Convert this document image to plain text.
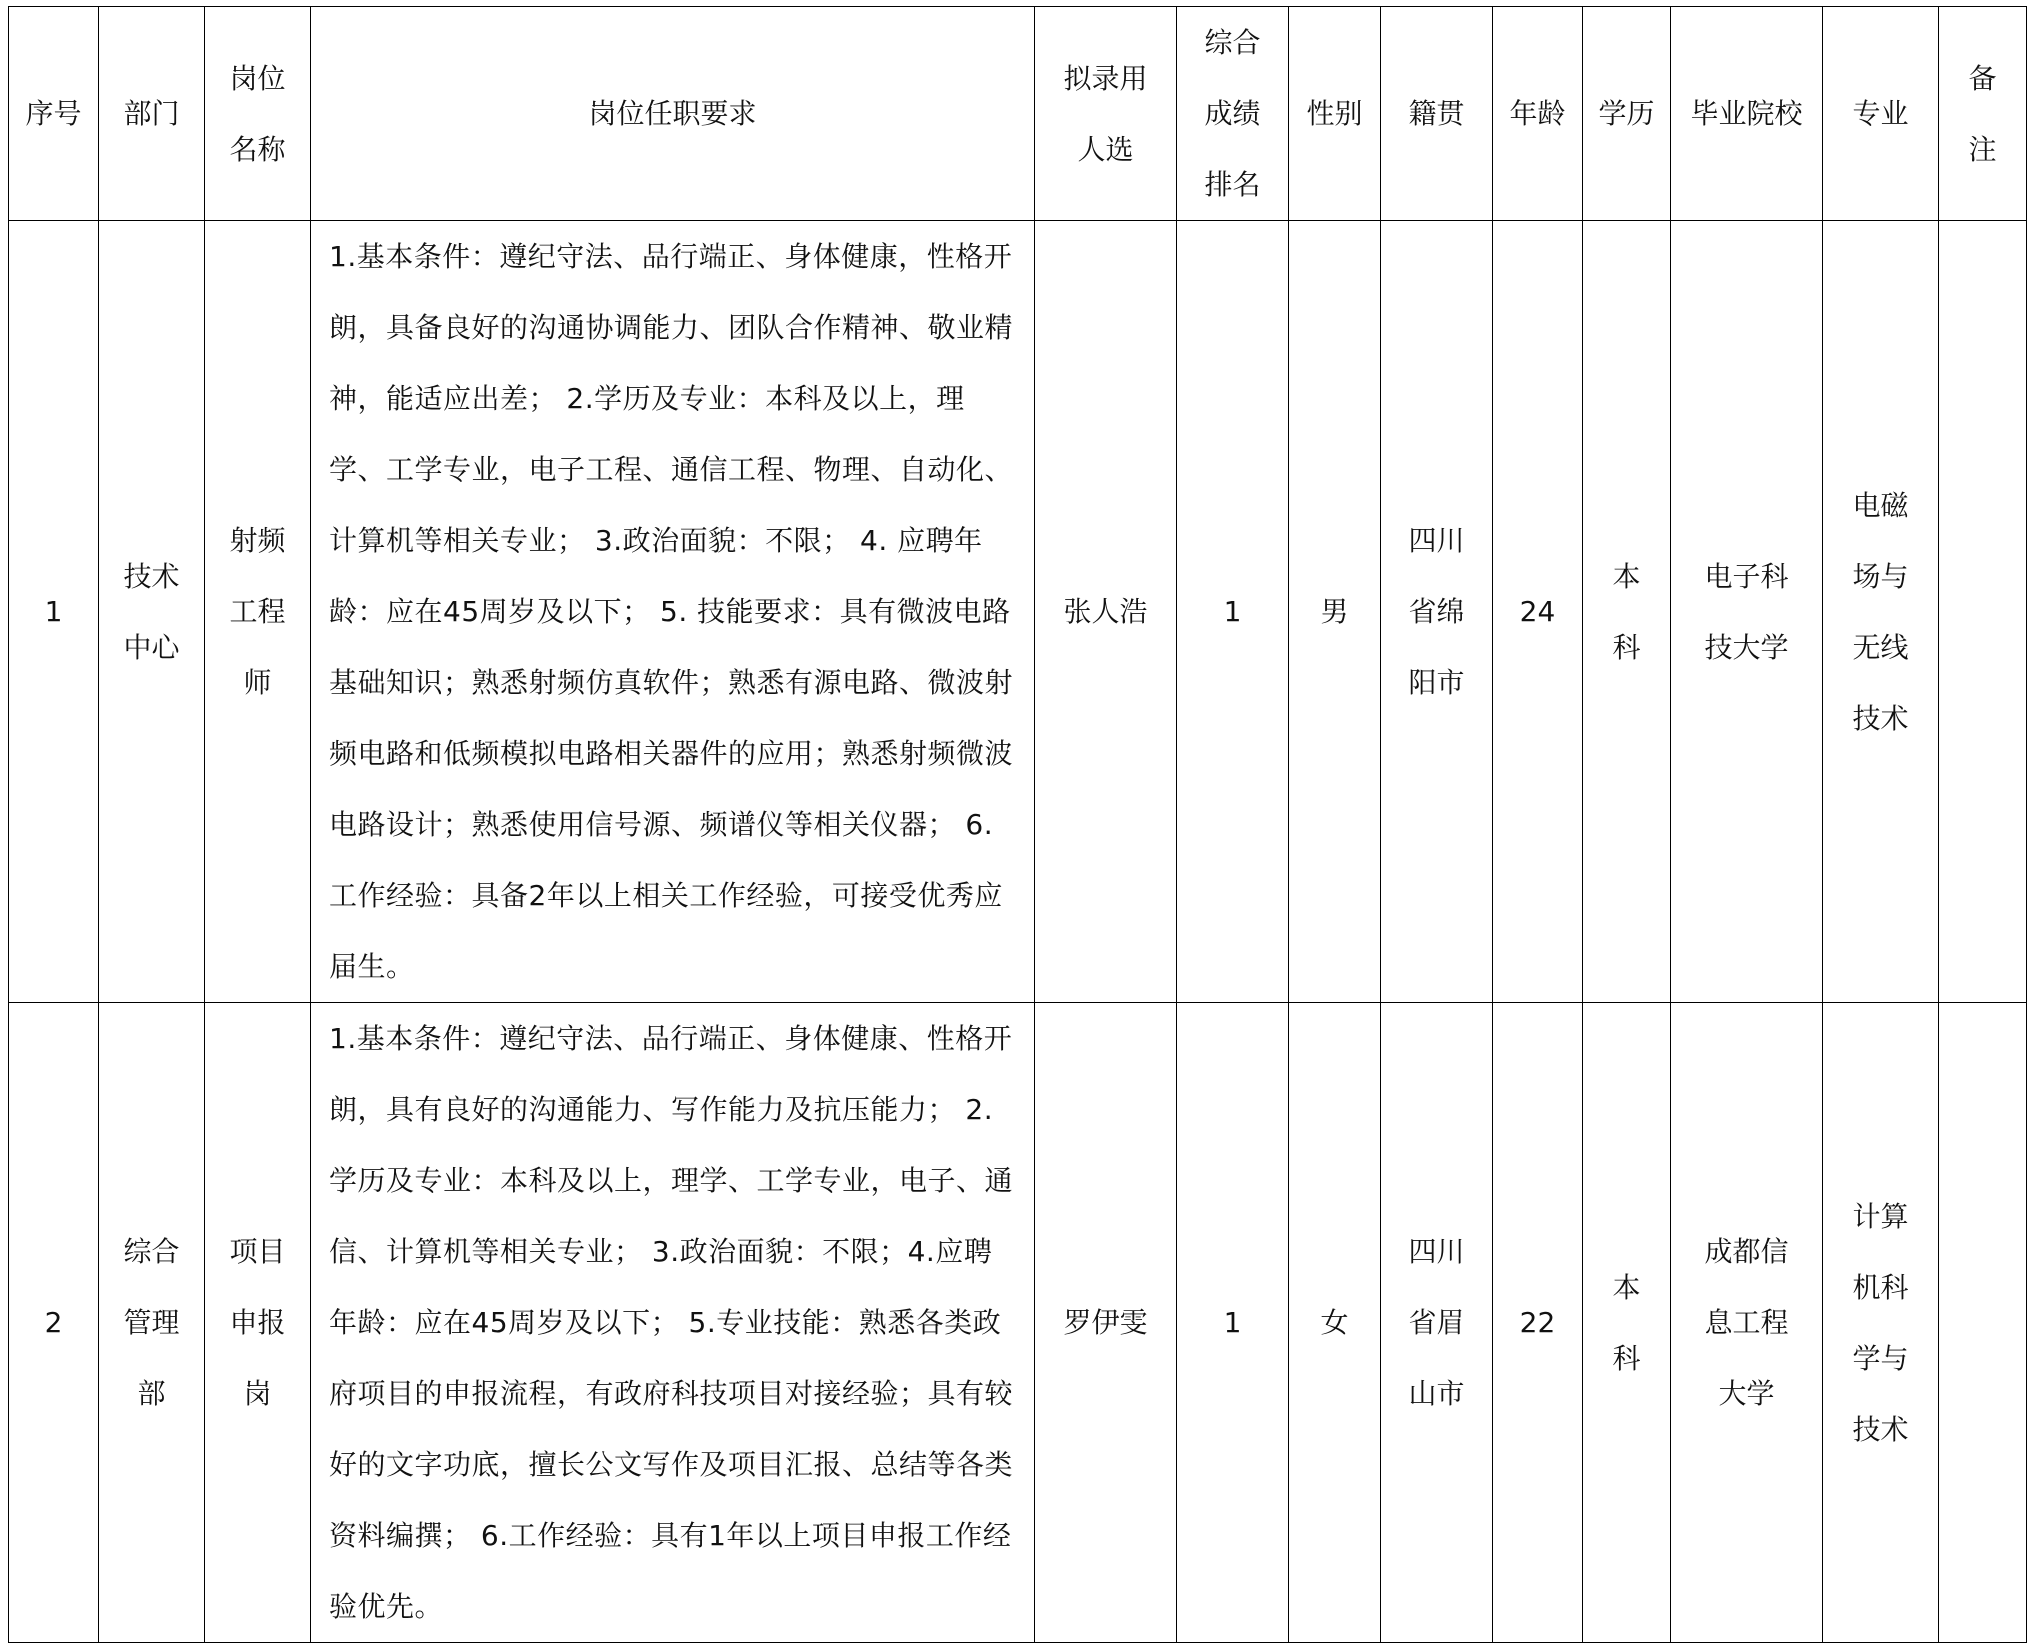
序号	部门	岗位名称	岗位任职要求	拟录用人选	综合成绩排名	性别	籍贯	年龄	学历	毕业院校	专业	备注
1	技术中心	射频工程师	1.基本条件：遵纪守法、品行端正、身体健康，性格开朗，具备良好的沟通协调能力、团队合作精神、敬业精神，能适应出差； 2.学历及专业：本科及以上，理学、工学专业，电子工程、通信工程、物理、自动化、计算机等相关专业； 3.政治面貌：不限； 4. 应聘年龄：应在45周岁及以下； 5. 技能要求：具有微波电路基础知识；熟悉射频仿真软件；熟悉有源电路、微波射频电路和低频模拟电路相关器件的应用；熟悉射频微波电路设计；熟悉使用信号源、频谱仪等相关仪器； 6.工作经验：具备2年以上相关工作经验，可接受优秀应届生。	张人浩	1	男	四川省绵阳市	24	本科	电子科技大学	电磁场与无线技术	
2	综合管理部	项目申报岗	1.基本条件：遵纪守法、品行端正、身体健康、性格开朗，具有良好的沟通能力、写作能力及抗压能力； 2.学历及专业：本科及以上，理学、工学专业，电子、通信、计算机等相关专业； 3.政治面貌：不限；4.应聘年龄：应在45周岁及以下； 5.专业技能：熟悉各类政府项目的申报流程，有政府科技项目对接经验；具有较好的文字功底，擅长公文写作及项目汇报、总结等各类资料编撰； 6.工作经验：具有1年以上项目申报工作经验优先。	罗伊雯	1	女	四川省眉山市	22	本科	成都信息工程大学	计算机科学与技术	
